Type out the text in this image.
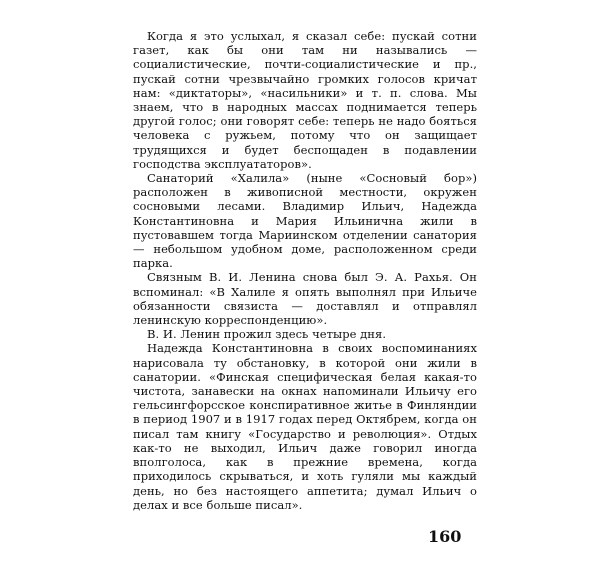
Когда я это услыхал, я сказал себе: пускай сотни газет, как бы они там ни назывались — социалистические, почти-социалистические и пр., пускай сотни чрезвычайно громких голосов кричат нам: «диктаторы», «насильники» и т. п. слова. Мы знаем, что в народных массах поднимается теперь другой голос; они говорят себе: теперь не надо бояться человека с ружьем, потому что он защищает трудящихся и будет беспощаден в подавлении господства эксплуататоров».

Санаторий «Халила» (ныне «Сосновый бор») расположен в живописной местности, окружен сосновыми лесами. Владимир Ильич, Надежда Константиновна и Мария Ильинична жили в пустовавшем тогда Мариинском отделении санатория — небольшом удобном доме, расположенном среди парка.

Связным В. И. Ленина снова был Э. А. Рахья. Он вспоминал: «В Халиле я опять выполнял при Ильиче обязанности связиста — доставлял и отправлял ленинскую корреспонденцию».

В. И. Ленин прожил здесь четыре дня.

Надежда Константиновна в своих воспоминаниях нарисовала ту обстановку, в которой они жили в санатории. «Финская специфическая белая какая-то чистота, занавески на окнах напоминали Ильичу его гельсингфорсское конспиративное житье в Финляндии в период 1907 и в 1917 годах перед Октябрем, когда он писал там книгу «Государство и революция». Отдых как-то не выходил, Ильич даже говорил иногда вполголоса, как в прежние времена, когда приходилось скрываться, и хоть гуляли мы каждый день, но без настоящего аппетита; думал Ильич о делах и все больше писал».

160
